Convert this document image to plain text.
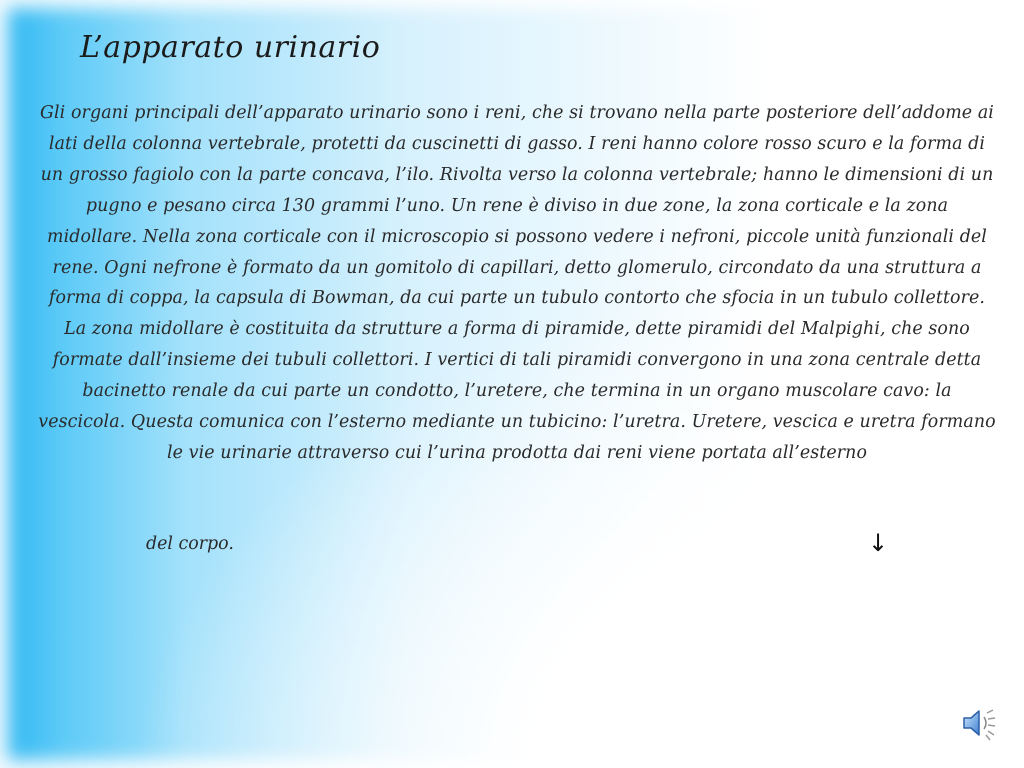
L’apparato urinario

Gli organi principali dell’apparato urinario sono i reni, che si trovano nella parte posteriore dell’addome ai lati della colonna vertebrale, protetti da cuscinetti di gasso. I reni hanno colore rosso scuro e la forma di un grosso fagiolo con la parte concava, l’ilo. Rivolta verso la colonna vertebrale; hanno le dimensioni di un pugno e pesano circa 130 grammi l’uno. Un rene è diviso in due zone, la zona corticale e la zona midollare. Nella zona corticale con il microscopio si possono vedere i nefroni, piccole unità funzionali del rene. Ogni nefrone è formato da un gomitolo di capillari, detto glomerulo, circondato da una struttura a forma di coppa, la capsula di Bowman, da cui parte un tubulo contorto che sfocia in un tubulo collettore. La zona midollare è costituita da strutture a forma di piramide, dette piramidi del Malpighi, che sono formate dall’insieme dei tubuli collettori. I vertici di tali piramidi convergono in una zona centrale detta bacinetto renale da cui parte un condotto, l’uretere, che termina in un organo muscolare cavo: la vescicola. Questa comunica con l’esterno mediante un tubicino: l’uretra. Uretere, vescica e uretra formano le vie urinarie attraverso cui l’urina prodotta dai reni viene portata all’esterno

del corpo.	↓
